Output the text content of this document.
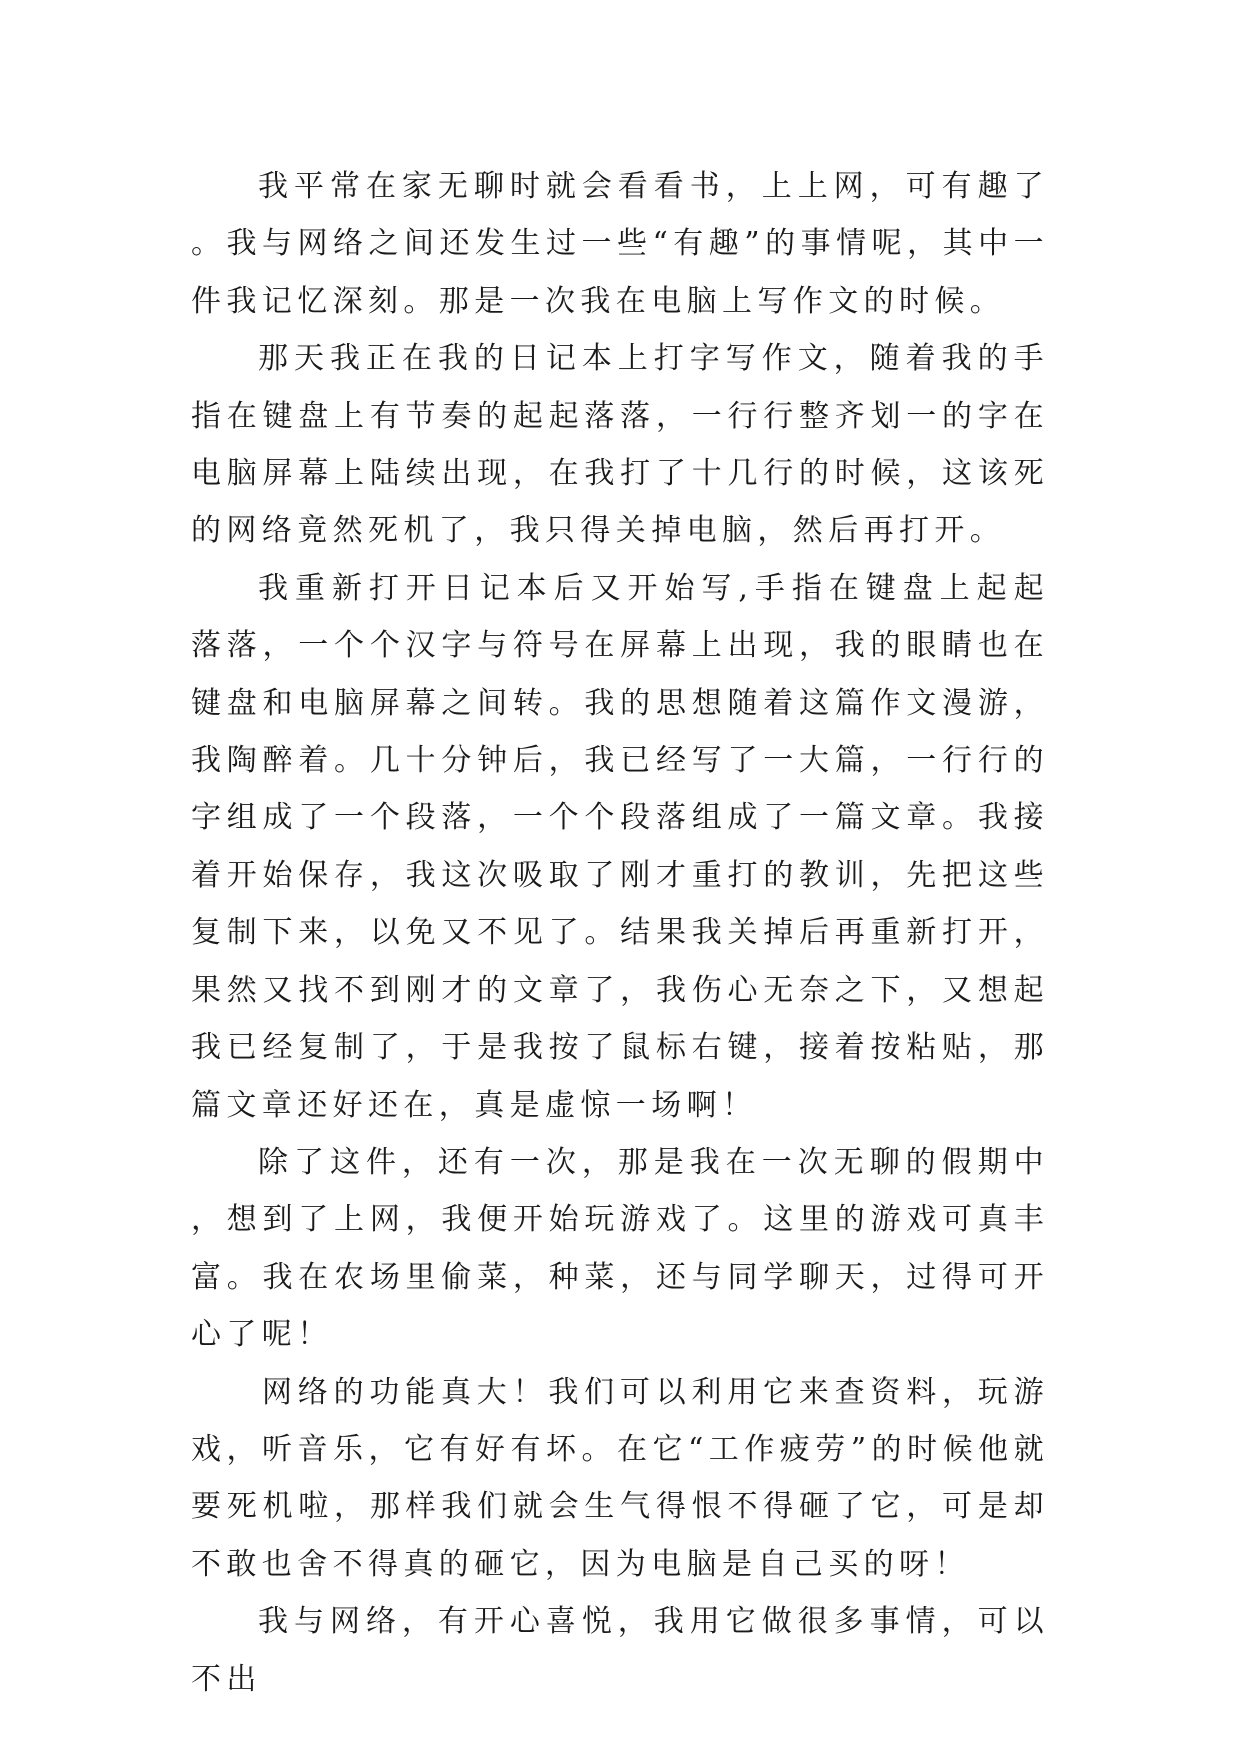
我平常在家无聊时就会看看书，上上网，可有趣了。我与网络之间还发生过一些“有趣”的事情呢，其中一件我记忆深刻。那是一次我在电脑上写作文的时候。

那天我正在我的日记本上打字写作文，随着我的手指在键盘上有节奏的起起落落，一行行整齐划一的字在电脑屏幕上陆续出现，在我打了十几行的时候，这该死的网络竟然死机了，我只得关掉电脑，然后再打开。

我重新打开日记本后又开始写,手指在键盘上起起落落，一个个汉字与符号在屏幕上出现，我的眼睛也在键盘和电脑屏幕之间转。我的思想随着这篇作文漫游，我陶醉着。几十分钟后，我已经写了一大篇，一行行的字组成了一个段落，一个个段落组成了一篇文章。我接着开始保存，我这次吸取了刚才重打的教训，先把这些复制下来，以免又不见了。结果我关掉后再重新打开，果然又找不到刚才的文章了，我伤心无奈之下，又想起我已经复制了，于是我按了鼠标右键，接着按粘贴，那篇文章还好还在，真是虚惊一场啊！

除了这件，还有一次，那是我在一次无聊的假期中，想到了上网，我便开始玩游戏了。这里的游戏可真丰富。我在农场里偷菜，种菜，还与同学聊天，过得可开心了呢！

网络的功能真大！我们可以利用它来查资料，玩游戏，听音乐，它有好有坏。在它“工作疲劳”的时候他就要死机啦，那样我们就会生气得恨不得砸了它，可是却不敢也舍不得真的砸它，因为电脑是自己买的呀！

我与网络，有开心喜悦，我用它做很多事情，可以不出
